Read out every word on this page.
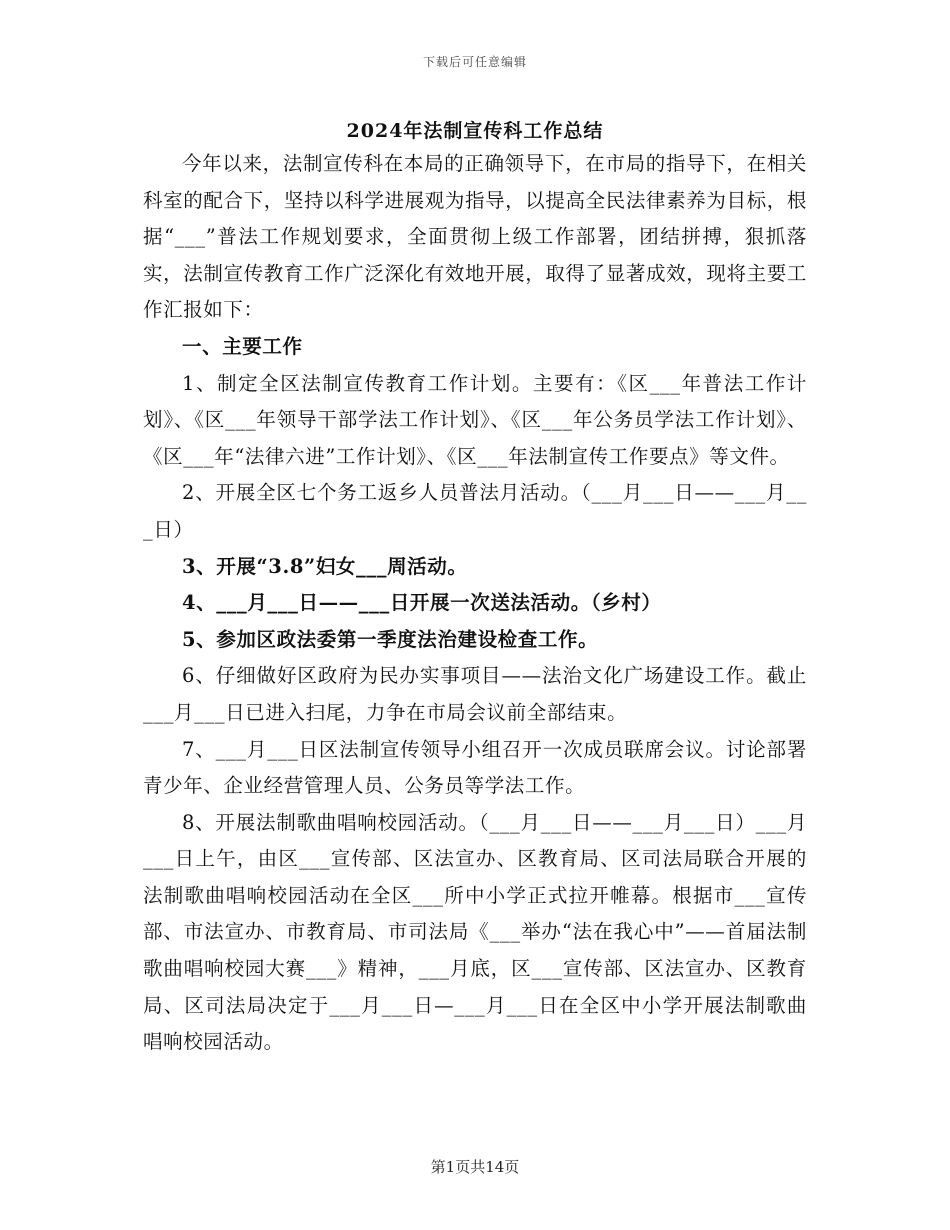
下载后可任意编辑
2024年法制宣传科工作总结

今年以来，法制宣传科在本局的正确领导下，在市局的指导下，在相关科室的配合下，坚持以科学进展观为指导，以提高全民法律素养为目标，根据“___”普法工作规划要求，全面贯彻上级工作部署，团结拼搏，狠抓落实，法制宣传教育工作广泛深化有效地开展，取得了显著成效，现将主要工作汇报如下：

一、主要工作

1、制定全区法制宣传教育工作计划。主要有：《区___年普法工作计划》、《区___年领导干部学法工作计划》、《区___年公务员学法工作计划》、《区___年“法律六进”工作计划》、《区___年法制宣传工作要点》等文件。

2、开展全区七个务工返乡人员普法月活动。（___月___日——___月___日）

3、开展“3.8”妇女___周活动。

4、___月___日——___日开展一次送法活动。（乡村）

5、参加区政法委第一季度法治建设检查工作。

6、仔细做好区政府为民办实事项目——法治文化广场建设工作。截止___月___日已进入扫尾，力争在市局会议前全部结束。

7、___月___日区法制宣传领导小组召开一次成员联席会议。讨论部署青少年、企业经营管理人员、公务员等学法工作。

8、开展法制歌曲唱响校园活动。（___月___日——___月___日）___月___日上午，由区___宣传部、区法宣办、区教育局、区司法局联合开展的法制歌曲唱响校园活动在全区___所中小学正式拉开帷幕。根据市___宣传部、市法宣办、市教育局、市司法局《___举办“法在我心中”——首届法制歌曲唱响校园大赛___》精神，___月底，区___宣传部、区法宣办、区教育局、区司法局决定于___月___日—___月___日在全区中小学开展法制歌曲唱响校园活动。

第1页共14页
